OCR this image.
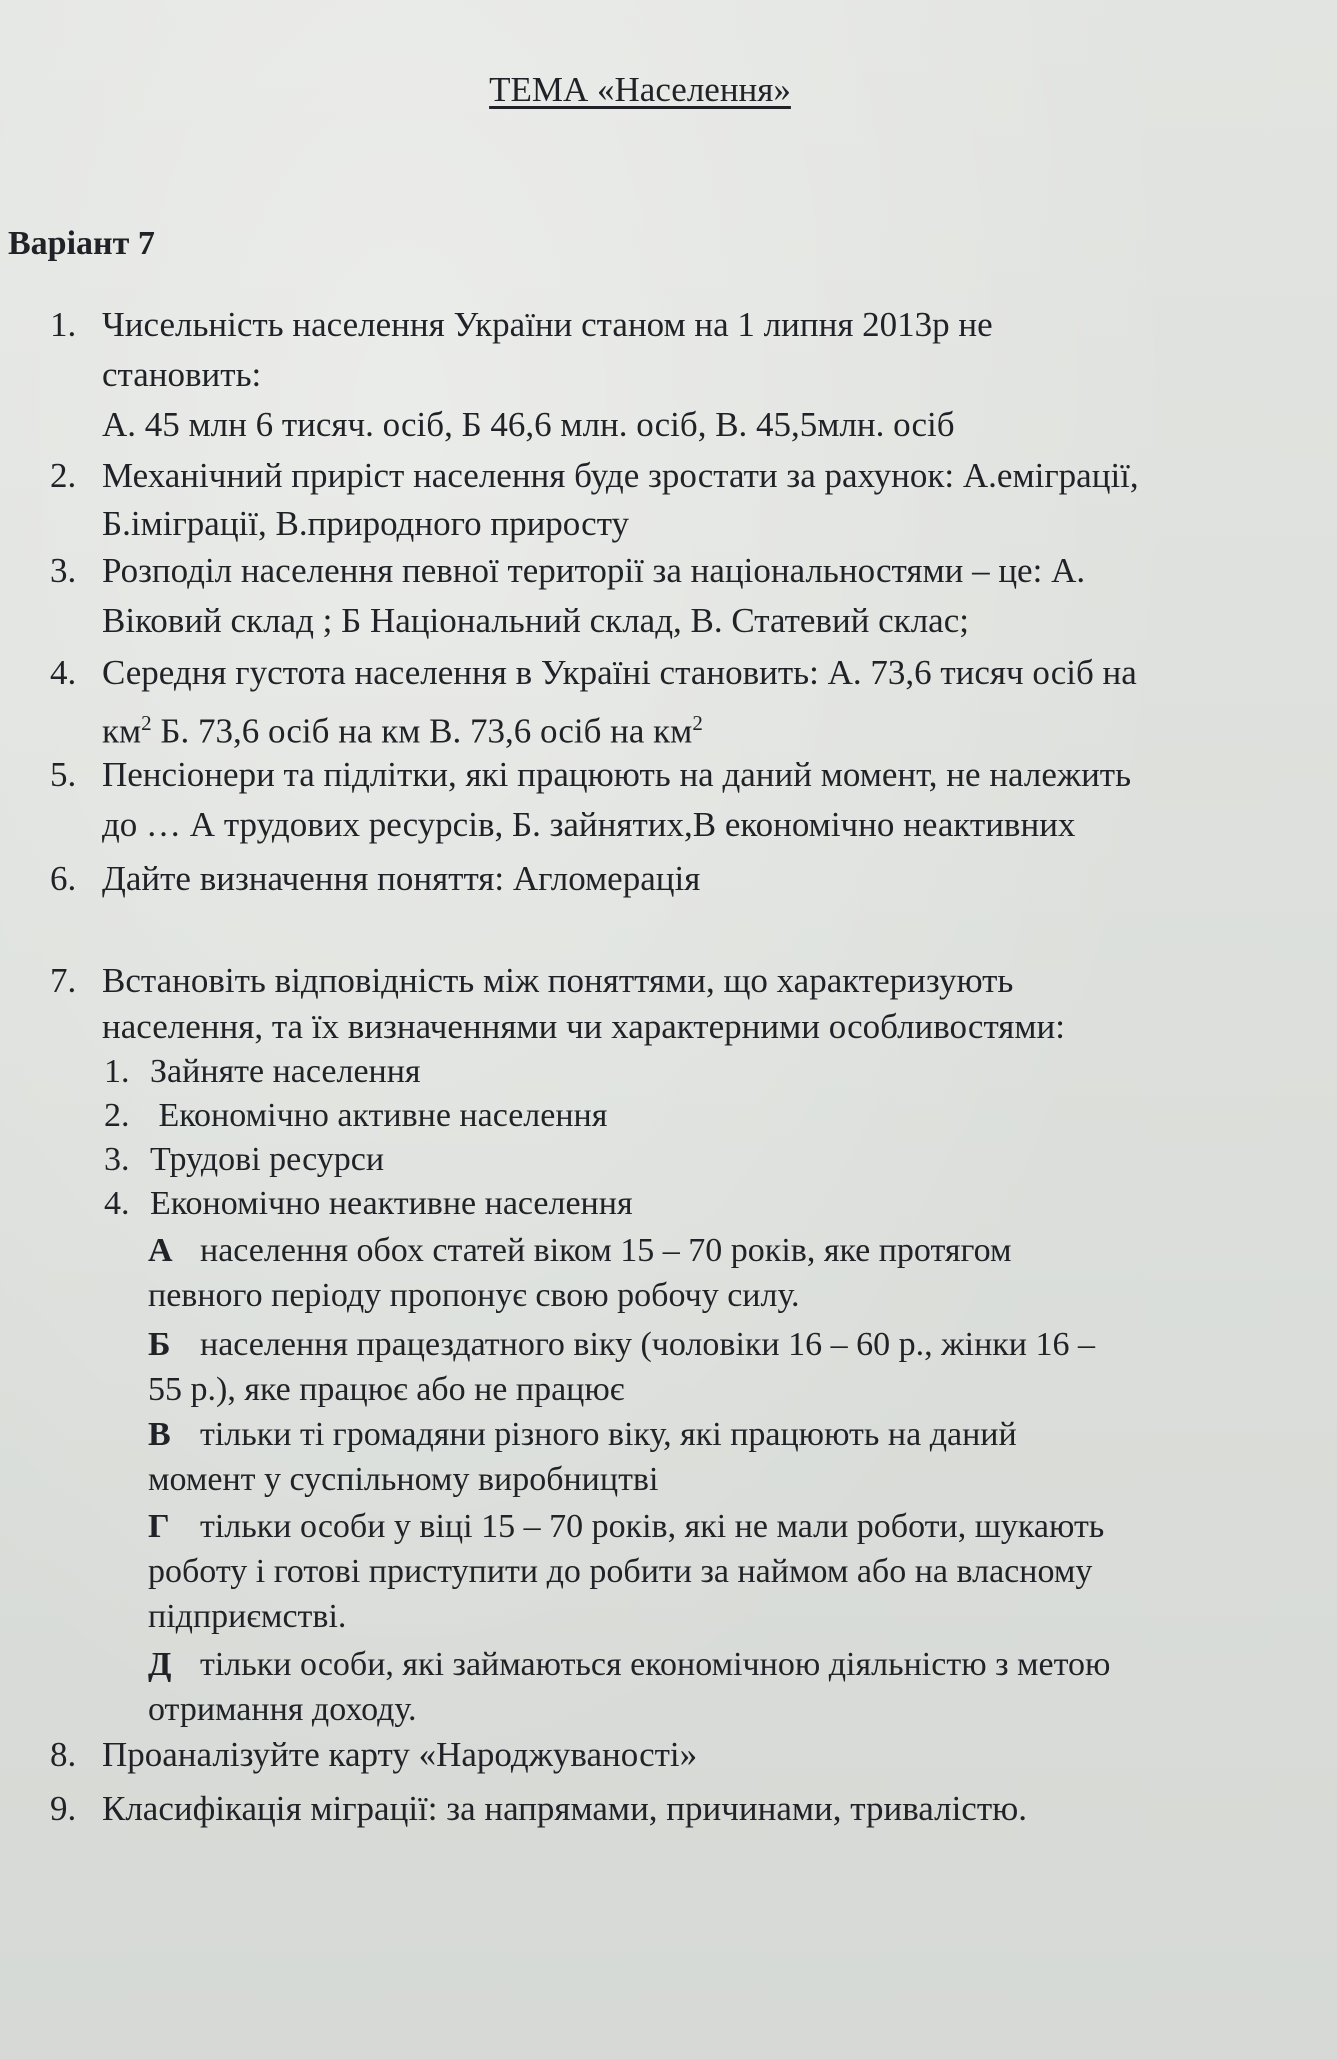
ТЕМА «Населення»
Варіант 7
1. Чисельність населення України станом на 1 липня 2013р не
становить:
А. 45 млн 6 тисяч. осіб, Б 46,6 млн. осіб, В. 45,5млн. осіб
2. Механічний приріст населення буде зростати за рахунок: А.еміграції,
Б.імiграції, В.природного приросту
3. Розподіл населення певної території за національностями – це: А.
Віковий склад ; Б Національний склад, В. Статевий склас;
4. Середня густота населення в Україні становить: А. 73,6 тисяч осіб на
$км^2$ Б. 73,6 осіб на км В. 73,6 осіб на $км^2$
5. Пенсіонери та підлітки, які працюють на даний момент, не належить
до … А трудових ресурсів, Б. зайнятих,В економічно неактивних
6. Дайте визначення поняття: Агломерація
7. Встановіть відповідність між поняттями, що характеризують
населення, та їх визначеннями чи характерними особливостями:
1. Зайняте населення
2. Економічно активне населення
3. Трудові ресурси
4. Економічно неактивне населення
А населення обох статей віком 15 – 70 років, яке протягом
певного періоду пропонує свою робочу силу.
Б населення працездатного віку (чоловіки 16 – 60 р., жінки 16 –
55 р.), яке працює або не працює
В тільки ті громадяни різного віку, які працюють на даний
момент у суспільному виробництві
Г тільки особи у віці 15 – 70 років, які не мали роботи, шукають
роботу і готові приступити до робити за наймом або на власному
підприємстві.
Д тільки особи, які займаються економічною діяльністю з метою
отримання доходу.
8. Проаналізуйте карту «Народжуваності»
9. Класифікація міграції: за напрямами, причинами, тривалістю.
